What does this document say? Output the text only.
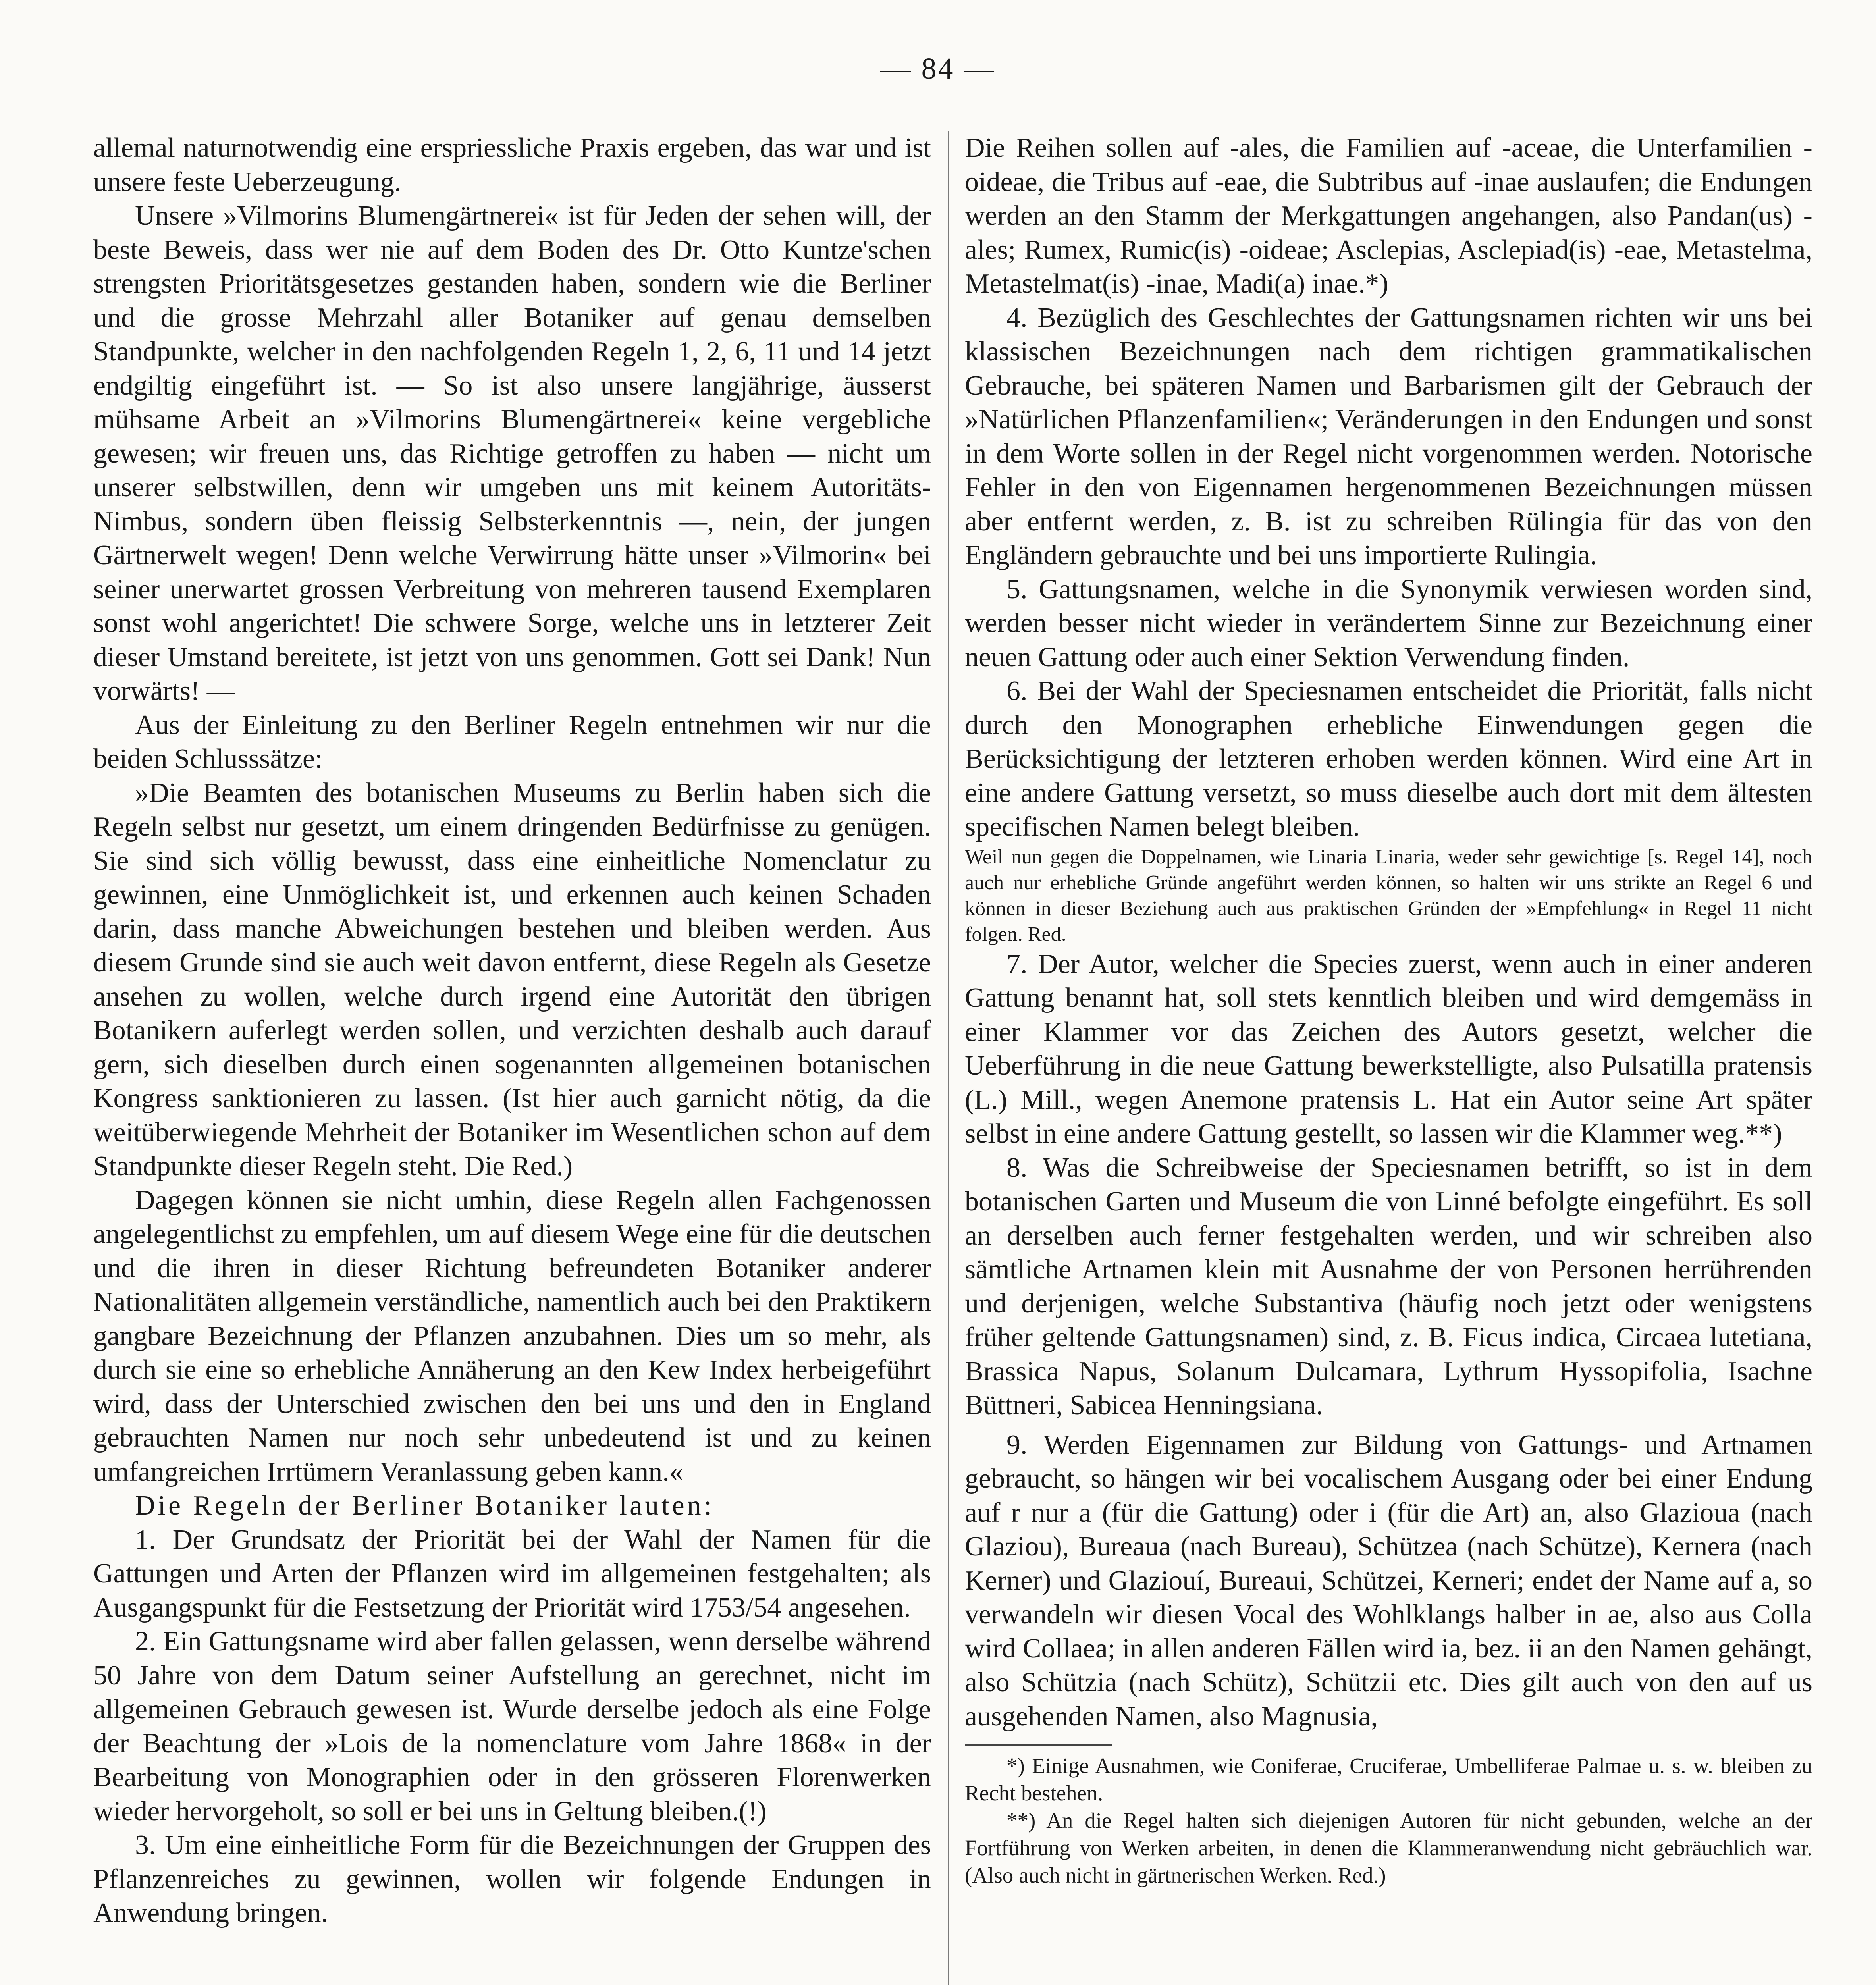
— 84 —

allemal naturnotwendig eine erspriessliche Praxis ergeben, das war und ist unsere feste Ueberzeugung.

Unsere »Vilmorins Blumengärtnerei« ist für Jeden der sehen will, der beste Beweis, dass wer nie auf dem Boden des Dr. Otto Kuntze'schen strengsten Prioritätsgesetzes gestanden haben, sondern wie die Berliner und die grosse Mehrzahl aller Botaniker auf genau demselben Standpunkte, welcher in den nachfolgenden Regeln 1, 2, 6, 11 und 14 jetzt endgiltig eingeführt ist. — So ist also unsere langjährige, äusserst mühsame Arbeit an »Vilmorins Blumengärtnerei« keine vergebliche gewesen; wir freuen uns, das Richtige getroffen zu haben — nicht um unserer selbstwillen, denn wir umgeben uns mit keinem Autoritäts-Nimbus, sondern üben fleissig Selbsterkenntnis —, nein, der jungen Gärtnerwelt wegen! Denn welche Verwirrung hätte unser »Vilmorin« bei seiner unerwartet grossen Verbreitung von mehreren tausend Exemplaren sonst wohl angerichtet! Die schwere Sorge, welche uns in letzterer Zeit dieser Umstand bereitete, ist jetzt von uns genommen. Gott sei Dank! Nun vorwärts! —

Aus der Einleitung zu den Berliner Regeln entnehmen wir nur die beiden Schlusssätze:

»Die Beamten des botanischen Museums zu Berlin haben sich die Regeln selbst nur gesetzt, um einem dringenden Bedürfnisse zu genügen. Sie sind sich völlig bewusst, dass eine einheitliche Nomenclatur zu gewinnen, eine Unmöglichkeit ist, und erkennen auch keinen Schaden darin, dass manche Abweichungen bestehen und bleiben werden. Aus diesem Grunde sind sie auch weit davon entfernt, diese Regeln als Gesetze ansehen zu wollen, welche durch irgend eine Autorität den übrigen Botanikern auferlegt werden sollen, und verzichten deshalb auch darauf gern, sich dieselben durch einen sogenannten allgemeinen botanischen Kongress sanktionieren zu lassen. (Ist hier auch garnicht nötig, da die weitüberwiegende Mehrheit der Botaniker im Wesentlichen schon auf dem Standpunkte dieser Regeln steht. Die Red.)

Dagegen können sie nicht umhin, diese Regeln allen Fachgenossen angelegentlichst zu empfehlen, um auf diesem Wege eine für die deutschen und die ihren in dieser Richtung befreundeten Botaniker anderer Nationalitäten allgemein verständliche, namentlich auch bei den Praktikern gangbare Bezeichnung der Pflanzen anzubahnen. Dies um so mehr, als durch sie eine so erhebliche Annäherung an den Kew Index herbeigeführt wird, dass der Unterschied zwischen den bei uns und den in England gebrauchten Namen nur noch sehr unbedeutend ist und zu keinen umfangreichen Irrtümern Veranlassung geben kann.«

Die Regeln der Berliner Botaniker lauten:

1. Der Grundsatz der Priorität bei der Wahl der Namen für die Gattungen und Arten der Pflanzen wird im allgemeinen festgehalten; als Ausgangspunkt für die Festsetzung der Priorität wird 1753/54 angesehen.

2. Ein Gattungsname wird aber fallen gelassen, wenn derselbe während 50 Jahre von dem Datum seiner Aufstellung an gerechnet, nicht im allgemeinen Gebrauch gewesen ist. Wurde derselbe jedoch als eine Folge der Beachtung der »Lois de la nomenclature vom Jahre 1868« in der Bearbeitung von Monographien oder in den grösseren Florenwerken wieder hervorgeholt, so soll er bei uns in Geltung bleiben.(!)

3. Um eine einheitliche Form für die Bezeichnungen der Gruppen des Pflanzenreiches zu gewinnen, wollen wir folgende Endungen in Anwendung bringen.

Die Reihen sollen auf -ales, die Familien auf -aceae, die Unterfamilien -oideae, die Tribus auf -eae, die Subtribus auf -inae auslaufen; die Endungen werden an den Stamm der Merkgattungen angehangen, also Pandan(us) -ales; Rumex, Rumic(is) -oideae; Asclepias, Asclepiad(is) -eae, Metastelma, Metastelmat(is) -inae, Madi(a) inae.*)

4. Bezüglich des Geschlechtes der Gattungsnamen richten wir uns bei klassischen Bezeichnungen nach dem richtigen grammatikalischen Gebrauche, bei späteren Namen und Barbarismen gilt der Gebrauch der »Natürlichen Pflanzenfamilien«; Veränderungen in den Endungen und sonst in dem Worte sollen in der Regel nicht vorgenommen werden. Notorische Fehler in den von Eigennamen hergenommenen Bezeichnungen müssen aber entfernt werden, z. B. ist zu schreiben Rülingia für das von den Engländern gebrauchte und bei uns importierte Rulingia.

5. Gattungsnamen, welche in die Synonymik verwiesen worden sind, werden besser nicht wieder in verändertem Sinne zur Bezeichnung einer neuen Gattung oder auch einer Sektion Verwendung finden.

6. Bei der Wahl der Speciesnamen entscheidet die Priorität, falls nicht durch den Monographen erhebliche Einwendungen gegen die Berücksichtigung der letzteren erhoben werden können. Wird eine Art in eine andere Gattung versetzt, so muss dieselbe auch dort mit dem ältesten specifischen Namen belegt bleiben.

Weil nun gegen die Doppelnamen, wie Linaria Linaria, weder sehr gewichtige [s. Regel 14], noch auch nur erhebliche Gründe angeführt werden können, so halten wir uns strikte an Regel 6 und können in dieser Beziehung auch aus praktischen Gründen der »Empfehlung« in Regel 11 nicht folgen. Red.

7. Der Autor, welcher die Species zuerst, wenn auch in einer anderen Gattung benannt hat, soll stets kenntlich bleiben und wird demgemäss in einer Klammer vor das Zeichen des Autors gesetzt, welcher die Ueberführung in die neue Gattung bewerkstelligte, also Pulsatilla pratensis (L.) Mill., wegen Anemone pratensis L. Hat ein Autor seine Art später selbst in eine andere Gattung gestellt, so lassen wir die Klammer weg.**)

8. Was die Schreibweise der Speciesnamen betrifft, so ist in dem botanischen Garten und Museum die von Linné befolgte eingeführt. Es soll an derselben auch ferner festgehalten werden, und wir schreiben also sämtliche Artnamen klein mit Ausnahme der von Personen herrührenden und derjenigen, welche Substantiva (häufig noch jetzt oder wenigstens früher geltende Gattungsnamen) sind, z. B. Ficus indica, Circaea lutetiana, Brassica Napus, Solanum Dulcamara, Lythrum Hyssopifolia, Isachne Büttneri, Sabicea Henningsiana.

9. Werden Eigennamen zur Bildung von Gattungs- und Artnamen gebraucht, so hängen wir bei vocalischem Ausgang oder bei einer Endung auf r nur a (für die Gattung) oder i (für die Art) an, also Glazioua (nach Glaziou), Bureaua (nach Bureau), Schützea (nach Schütze), Kernera (nach Kerner) und Glaziouí, Bureaui, Schützei, Kerneri; endet der Name auf a, so verwandeln wir diesen Vocal des Wohlklangs halber in ae, also aus Colla wird Collaea; in allen anderen Fällen wird ia, bez. ii an den Namen gehängt, also Schützia (nach Schütz), Schützii etc. Dies gilt auch von den auf us ausgehenden Namen, also Magnusia,

*) Einige Ausnahmen, wie Coniferae, Cruciferae, Umbelliferae Palmae u. s. w. bleiben zu Recht bestehen.

**) An die Regel halten sich diejenigen Autoren für nicht gebunden, welche an der Fortführung von Werken arbeiten, in denen die Klammeranwendung nicht gebräuchlich war. (Also auch nicht in gärtnerischen Werken. Red.)
